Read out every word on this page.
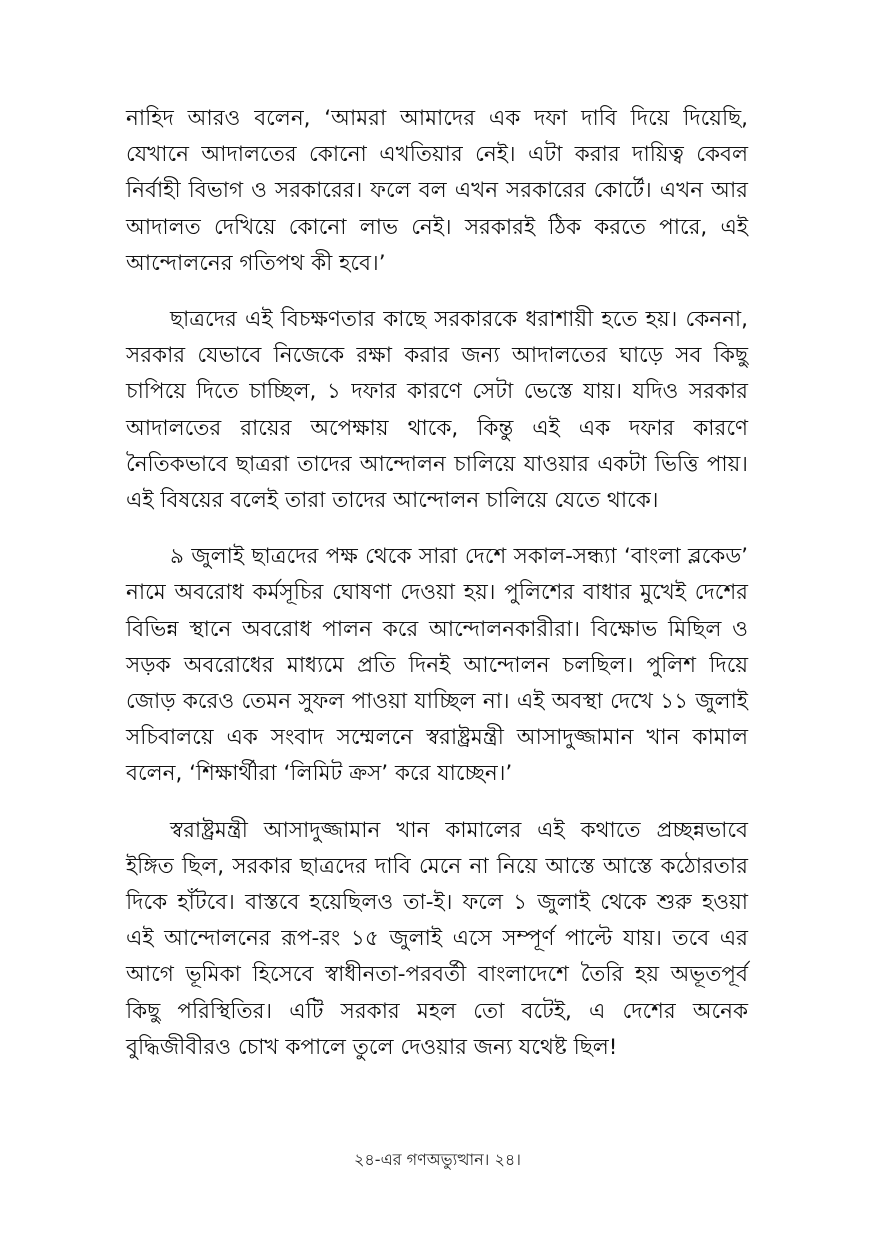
নাহিদ আরও বলেন, ‘আমরা আমাদের এক দফা দাবি দিয়ে দিয়েছি, যেখানে আদালতের কোনো এখতিয়ার নেই। এটা করার দায়িত্ব কেবল নির্বাহী বিভাগ ও সরকারের। ফলে বল এখন সরকারের কোর্টে। এখন আর আদালত দেখিয়ে কোনো লাভ নেই। সরকারই ঠিক করতে পারে, এই আন্দোলনের গতিপথ কী হবে।’

ছাত্রদের এই বিচক্ষণতার কাছে সরকারকে ধরাশায়ী হতে হয়। কেননা, সরকার যেভাবে নিজেকে রক্ষা করার জন্য আদালতের ঘাড়ে সব কিছু চাপিয়ে দিতে চাচ্ছিল, ১ দফার কারণে সেটা ভেস্তে যায়। যদিও সরকার আদালতের রায়ের অপেক্ষায় থাকে, কিন্তু এই এক দফার কারণে নৈতিকভাবে ছাত্ররা তাদের আন্দোলন চালিয়ে যাওয়ার একটা ভিত্তি পায়। এই বিষয়ের বলেই তারা তাদের আন্দোলন চালিয়ে যেতে থাকে।

৯ জুলাই ছাত্রদের পক্ষ থেকে সারা দেশে সকাল-সন্ধ্যা ‘বাংলা ব্লকেড’ নামে অবরোধ কর্মসূচির ঘোষণা দেওয়া হয়। পুলিশের বাধার মুখেই দেশের বিভিন্ন স্থানে অবরোধ পালন করে আন্দোলনকারীরা। বিক্ষোভ মিছিল ও সড়ক অবরোধের মাধ্যমে প্রতি দিনই আন্দোলন চলছিল। পুলিশ দিয়ে জোড় করেও তেমন সুফল পাওয়া যাচ্ছিল না। এই অবস্থা দেখে ১১ জুলাই সচিবালয়ে এক সংবাদ সম্মেলনে স্বরাষ্ট্রমন্ত্রী আসাদুজ্জামান খান কামাল বলেন, ‘শিক্ষার্থীরা ‘লিমিট ক্রস’ করে যাচ্ছেন।’

স্বরাষ্ট্রমন্ত্রী আসাদুজ্জামান খান কামালের এই কথাতে প্রচ্ছন্নভাবে ইঙ্গিত ছিল, সরকার ছাত্রদের দাবি মেনে না নিয়ে আস্তে আস্তে কঠোরতার দিকে হাঁটবে। বাস্তবে হয়েছিলও তা-ই। ফলে ১ জুলাই থেকে শুরু হওয়া এই আন্দোলনের রূপ-রং ১৫ জুলাই এসে সম্পূর্ণ পাল্টে যায়। তবে এর আগে ভূমিকা হিসেবে স্বাধীনতা-পরবর্তী বাংলাদেশে তৈরি হয় অভূতপূর্ব কিছু পরিস্থিতির। এটি সরকার মহল তো বটেই, এ দেশের অনেক বুদ্ধিজীবীরও চোখ কপালে তুলে দেওয়ার জন্য যথেষ্ট ছিল!

২৪-এর গণঅভ্যুত্থান। ২৪।
